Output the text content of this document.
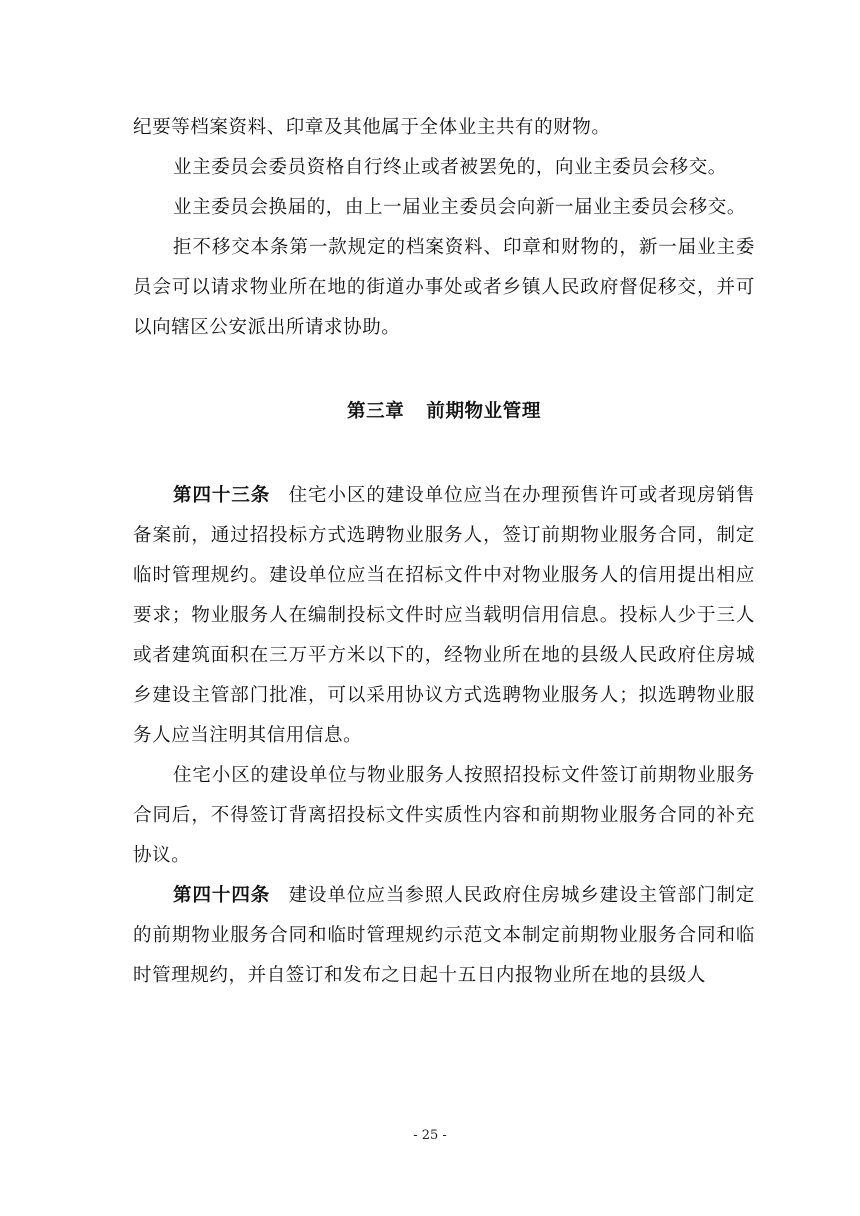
纪要等档案资料、印章及其他属于全体业主共有的财物。

业主委员会委员资格自行终止或者被罢免的，向业主委员会移交。

业主委员会换届的，由上一届业主委员会向新一届业主委员会移交。

拒不移交本条第一款规定的档案资料、印章和财物的，新一届业主委员会可以请求物业所在地的街道办事处或者乡镇人民政府督促移交，并可以向辖区公安派出所请求协助。

第三章 前期物业管理

第四十三条 住宅小区的建设单位应当在办理预售许可或者现房销售备案前，通过招投标方式选聘物业服务人，签订前期物业服务合同，制定临时管理规约。建设单位应当在招标文件中对物业服务人的信用提出相应要求；物业服务人在编制投标文件时应当载明信用信息。投标人少于三人或者建筑面积在三万平方米以下的，经物业所在地的县级人民政府住房城乡建设主管部门批准，可以采用协议方式选聘物业服务人；拟选聘物业服务人应当注明其信用信息。

住宅小区的建设单位与物业服务人按照招投标文件签订前期物业服务合同后，不得签订背离招投标文件实质性内容和前期物业服务合同的补充协议。

第四十四条 建设单位应当参照人民政府住房城乡建设主管部门制定的前期物业服务合同和临时管理规约示范文本制定前期物业服务合同和临时管理规约，并自签订和发布之日起十五日内报物业所在地的县级人

- 25 -
